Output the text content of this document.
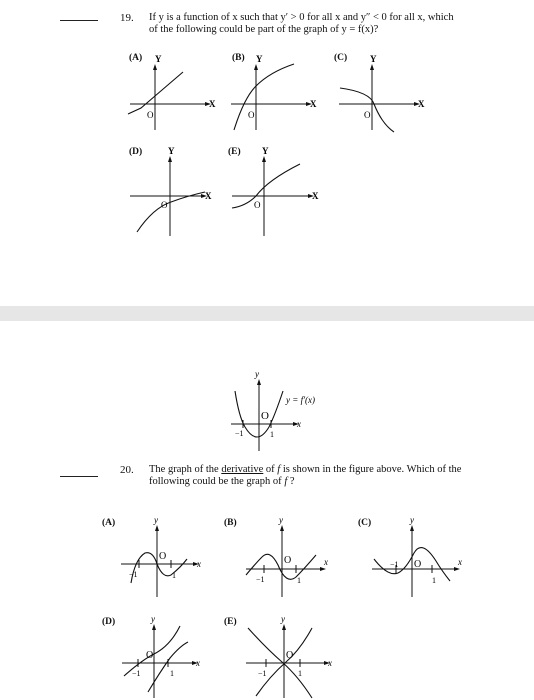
19. If y is a function of x such that y′ > 0 for all x and y″ < 0 for all x, which
of the following could be part of the graph of y = f(x)?
(A) Y
X
O
(B) Y
X
O
(C)	Y
X
O
(D)	Y
X
O
(E) Y
X
O
y
x
O
−1	1
y = f′(x)
20. The graph of the derivative of f is shown in the figure above. Which of the
following could be the graph of f ?
(A)	y
x
O
−1	1
(B)	y
x
O
−1	1
(C)	y
x
O
−1
1
(D)	y
x
O
−1	1
(E)	y
x
O
−1	1
